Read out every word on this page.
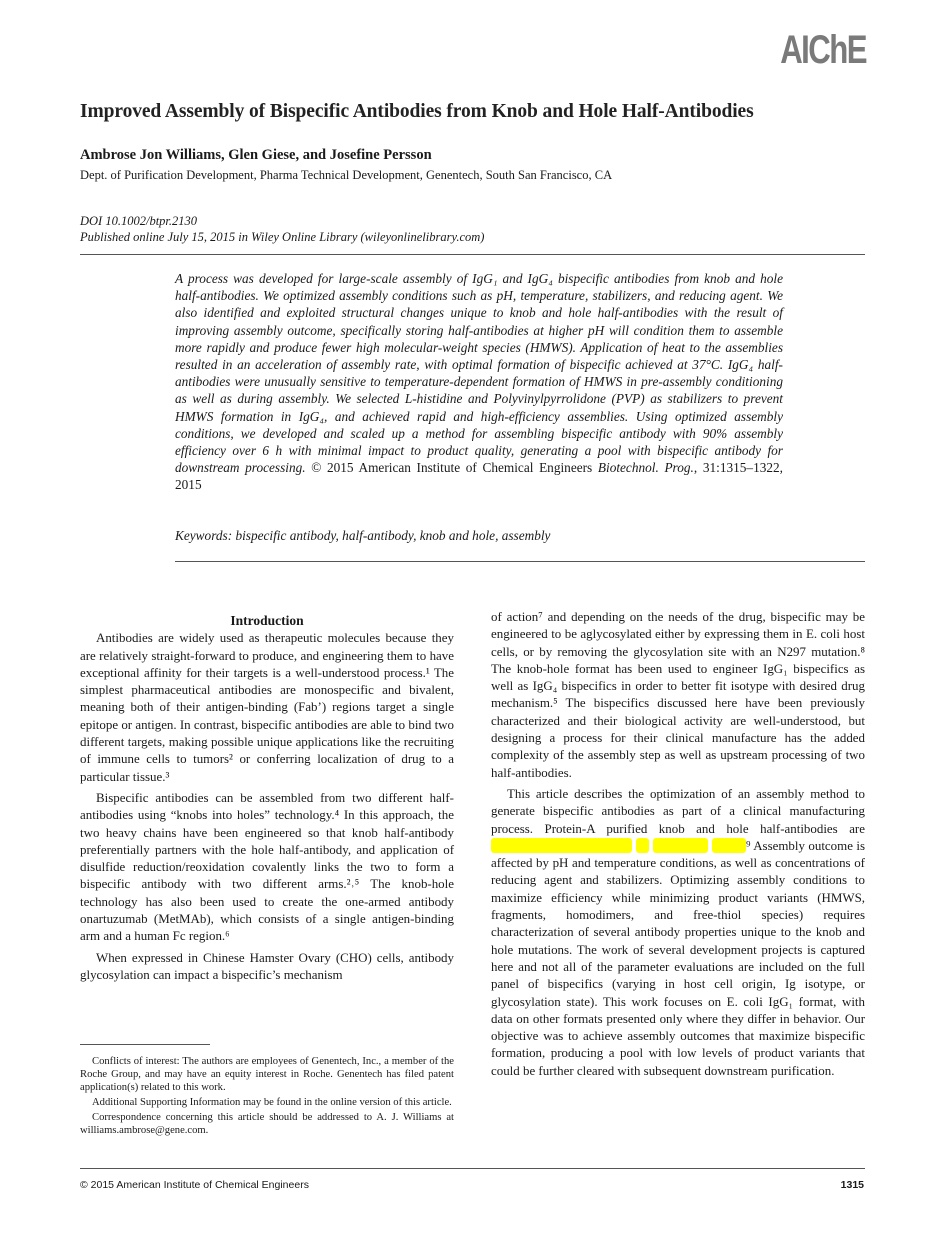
AIChE
Improved Assembly of Bispecific Antibodies from Knob and Hole Half-Antibodies
Ambrose Jon Williams, Glen Giese, and Josefine Persson
Dept. of Purification Development, Pharma Technical Development, Genentech, South San Francisco, CA
DOI 10.1002/btpr.2130
Published online July 15, 2015 in Wiley Online Library (wileyonlinelibrary.com)
A process was developed for large-scale assembly of IgG₁ and IgG₄ bispecific antibodies from knob and hole half-antibodies. We optimized assembly conditions such as pH, temperature, stabilizers, and reducing agent. We also identified and exploited structural changes unique to knob and hole half-antibodies with the result of improving assembly outcome, specifically storing half-antibodies at higher pH will condition them to assemble more rapidly and produce fewer high molecular-weight species (HMWS). Application of heat to the assemblies resulted in an acceleration of assembly rate, with optimal formation of bispecific achieved at 37°C. IgG₄ half-antibodies were unusually sensitive to temperature-dependent formation of HMWS in pre-assembly conditioning as well as during assembly. We selected L-histidine and Polyvinylpyrrolidone (PVP) as stabilizers to prevent HMWS formation in IgG₄, and achieved rapid and high-efficiency assemblies. Using optimized assembly conditions, we developed and scaled up a method for assembling bispecific antibody with 90% assembly efficiency over 6 h with minimal impact to product quality, generating a pool with bispecific antibody for downstream processing. © 2015 American Institute of Chemical Engineers Biotechnol. Prog., 31:1315–1322, 2015
Keywords: bispecific antibody, half-antibody, knob and hole, assembly

Introduction

Antibodies are widely used as therapeutic molecules because they are relatively straight-forward to produce, and engineering them to have exceptional affinity for their targets is a well-understood process.¹ The simplest pharmaceutical antibodies are monospecific and bivalent, meaning both of their antigen-binding (Fab’) regions target a single epitope or antigen. In contrast, bispecific antibodies are able to bind two different targets, making possible unique applications like the recruiting of immune cells to tumors² or conferring localization of drug to a particular tissue.³

Bispecific antibodies can be assembled from two different half-antibodies using “knobs into holes” technology.⁴ In this approach, the two heavy chains have been engineered so that knob half-antibody preferentially partners with the hole half-antibody, and application of disulfide reduction/reoxidation covalently links the two to form a bispecific antibody with two different arms.²˒⁵ The knob-hole technology has also been used to create the one-armed antibody onartuzumab (MetMAb), which consists of a single antigen-binding arm and a human Fc region.⁶

When expressed in Chinese Hamster Ovary (CHO) cells, antibody glycosylation can impact a bispecific’s mechanism

of action⁷ and depending on the needs of the drug, bispecific may be engineered to be aglycosylated either by expressing them in E. coli host cells, or by removing the glycosylation site with an N297 mutation.⁸ The knob-hole format has been used to engineer IgG₁ bispecifics as well as IgG₄ bispecifics in order to better fit isotype with desired drug mechanism.⁵ The bispecifics discussed here have been previously characterized and their biological activity are well-understood, but designing a process for their clinical manufacture has the added complexity of the assembly step as well as upstream processing of two half-antibodies.

This article describes the optimization of an assembly method to generate bispecific antibodies as part of a clinical manufacturing process. Protein-A purified knob and hole half-antibodies are                                                                           ⁹ Assembly outcome is affected by pH and temperature conditions, as well as concentrations of reducing agent and stabilizers. Optimizing assembly conditions to maximize efficiency while minimizing product variants (HMWS, fragments, homodimers, and free-thiol species) requires characterization of several antibody properties unique to the knob and hole mutations. The work of several development projects is captured here and not all of the parameter evaluations are included on the full panel of bispecifics (varying in host cell origin, Ig isotype, or glycosylation state). This work focuses on E. coli IgG₁ format, with data on other formats presented only where they differ in behavior. Our objective was to achieve assembly outcomes that maximize bispecific formation, producing a pool with low levels of product variants that could be further cleared with subsequent downstream purification.

Conflicts of interest: The authors are employees of Genentech, Inc., a member of the Roche Group, and may have an equity interest in Roche. Genentech has filed patent application(s) related to this work.

Additional Supporting Information may be found in the online version of this article.

Correspondence concerning this article should be addressed to A. J. Williams at williams.ambrose@gene.com.

© 2015 American Institute of Chemical Engineers	1315
